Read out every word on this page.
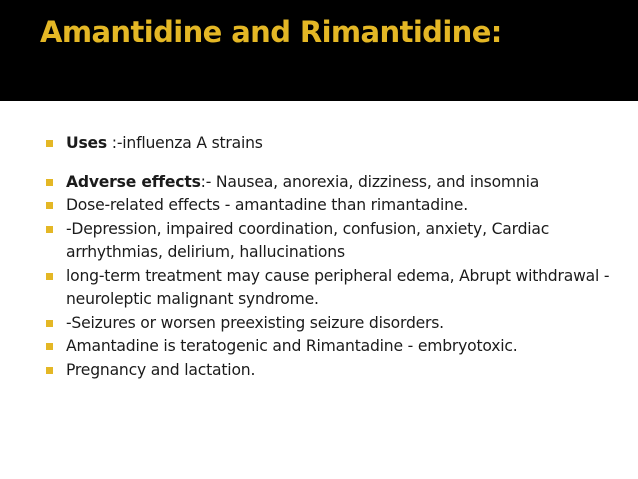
Amantidine and Rimantidine:
Uses :-influenza A strains
Adverse effects:- Nausea, anorexia, dizziness, and insomnia
Dose-related effects - amantadine than rimantadine.
-Depression, impaired coordination, confusion, anxiety, Cardiac arrhythmias, delirium, hallucinations
long-term treatment may cause peripheral edema, Abrupt withdrawal -neuroleptic malignant syndrome.
-Seizures or worsen preexisting seizure disorders.
Amantadine is teratogenic and Rimantadine - embryotoxic.
Pregnancy and lactation.
